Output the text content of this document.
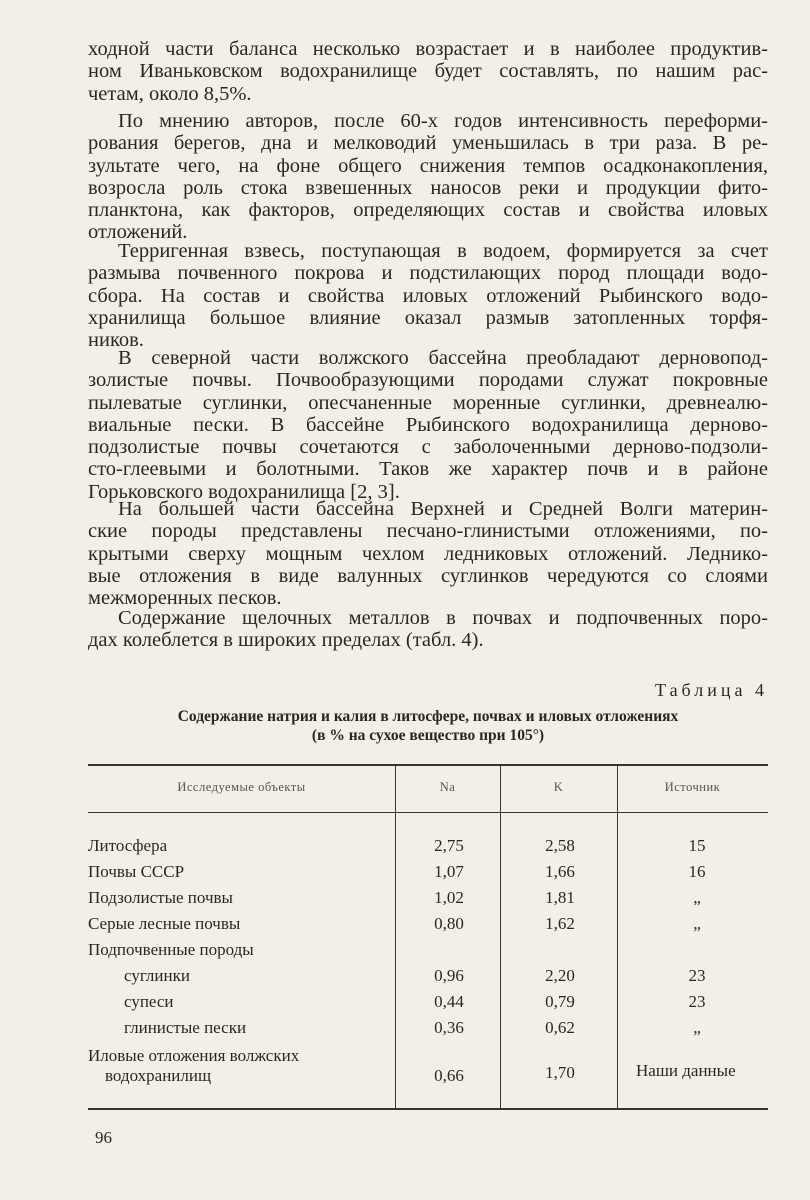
ходной части баланса несколько возрастает и в наиболее продуктив-
ном Иваньковском водохранилище будет составлять, по нашим рас-
четам, около 8,5%.
По мнению авторов, после 60-х годов интенсивность переформи-
рования берегов, дна и мелководий уменьшилась в три раза. В ре-
зультате чего, на фоне общего снижения темпов осадконакопления,
возросла роль стока взвешенных наносов реки и продукции фито-
планктона, как факторов, определяющих состав и свойства иловых
отложений.
Терригенная взвесь, поступающая в водоем, формируется за счет
размыва почвенного покрова и подстилающих пород площади водо-
сбора. На состав и свойства иловых отложений Рыбинского водо-
хранилища большое влияние оказал размыв затопленных торфя-
ников.
В северной части волжского бассейна преобладают дерновопод-
золистые почвы. Почвообразующими породами служат покровные
пылеватые суглинки, опесчаненные моренные суглинки, древнеалю-
виальные пески. В бассейне Рыбинского водохранилища дерново-
подзолистые почвы сочетаются с заболоченными дерново-подзоли-
сто-глеевыми и болотными. Таков же характер почв и в районе
Горьковского водохранилища [2, 3].
На большей части бассейна Верхней и Средней Волги материн-
ские породы представлены песчано-глинистыми отложениями, по-
крытыми сверху мощным чехлом ледниковых отложений. Леднико-
вые отложения в виде валунных суглинков чередуются со слоями
межморенных песков.
Содержание щелочных металлов в почвах и подпочвенных поро-
дах колеблется в широких пределах (табл. 4).
Таблица 4
Содержание натрия и калия в литосфере, почвах и иловых отложениях
(в % на сухое вещество при 105°)
Исследуемые объекты	Na	K	Источник
Литосфера	2,75	2,58	15
Почвы СССР	1,07	1,66	16
Подзолистые почвы	1,02	1,81	„
Серые лесные почвы	0,80	1,62	„
Подпочвенные породы
суглинки	0,96	2,20	23
супеси	0,44	0,79	23
глинистые пески	0,36	0,62	„
Иловые отложения волжских
водохранилищ	0,66	1,70	Наши данные
96
